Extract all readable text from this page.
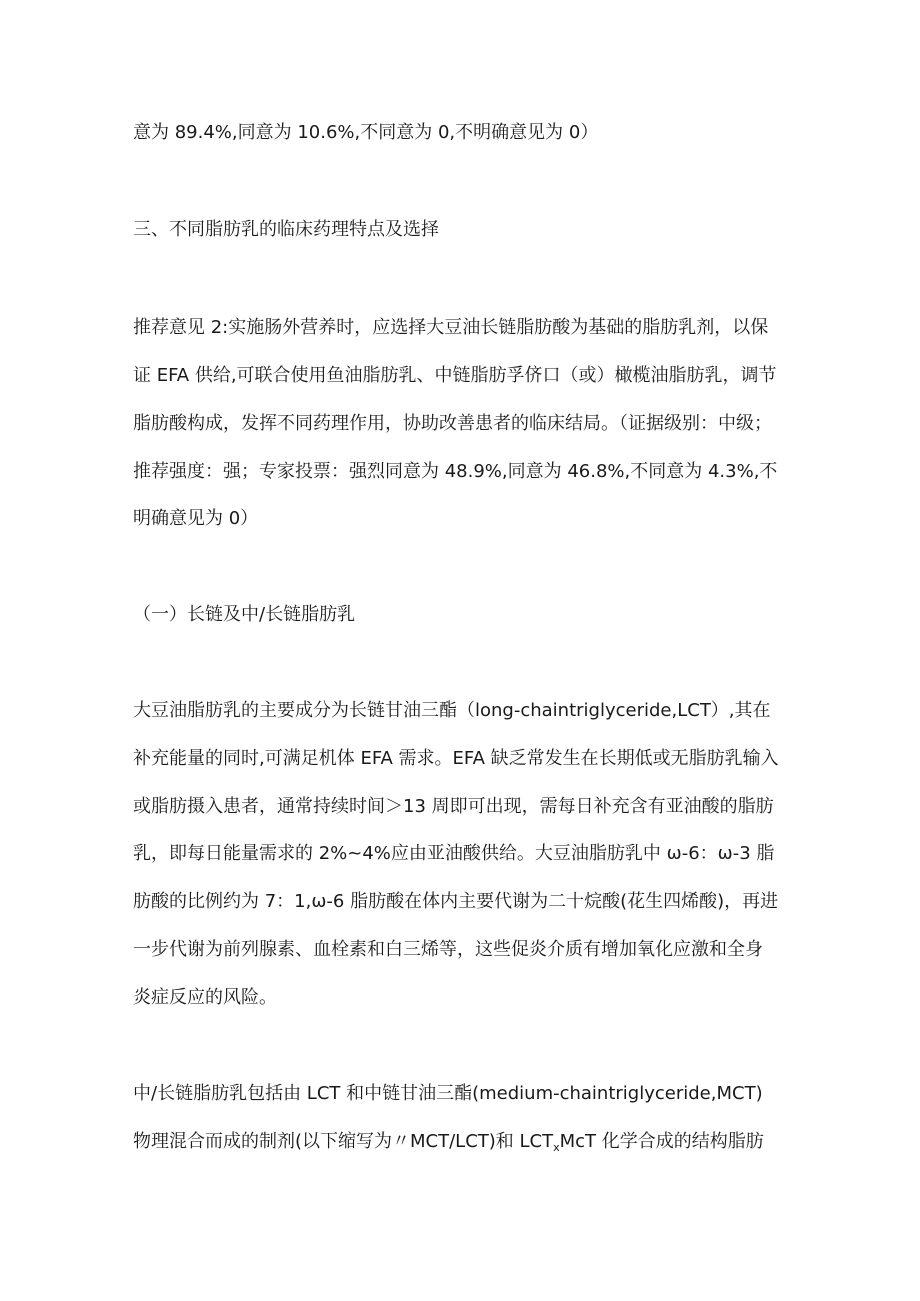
意为 89.4%,同意为 10.6%,不同意为 0,不明确意见为 0）
三、不同脂肪乳的临床药理特点及选择
推荐意见 2:实施肠外营养时，应选择大豆油长链脂肪酸为基础的脂肪乳剂，以保
证 EFA 供给,可联合使用鱼油脂肪乳、中链脂肪孚侪口（或）橄榄油脂肪乳，调节
脂肪酸构成，发挥不同药理作用，协助改善患者的临床结局。（证据级别：中级；
推荐强度：强；专家投票：强烈同意为 48.9%,同意为 46.8%,不同意为 4.3%,不
明确意见为 0）
（一）长链及中/长链脂肪乳
大豆油脂肪乳的主要成分为长链甘油三酯（long-chaintriglyceride,LCT）,其在
补充能量的同时,可满足机体 EFA 需求。EFA 缺乏常发生在长期低或无脂肪乳输入
或脂肪摄入患者，通常持续时间＞13 周即可出现，需每日补充含有亚油酸的脂肪
乳，即每日能量需求的 2%~4%应由亚油酸供给。大豆油脂肪乳中 ω-6：ω-3 脂
肪酸的比例约为 7：1,ω-6 脂肪酸在体内主要代谢为二十烷酸(花生四烯酸)，再进
一步代谢为前列腺素、血栓素和白三烯等，这些促炎介质有增加氧化应激和全身
炎症反应的风险。
中/长链脂肪乳包括由 LCT 和中链甘油三酯(medium-chaintriglyceride,MCT)
物理混合而成的制剂(以下缩写为〃MCT/LCT)和 $LCT_xMcT$ 化学合成的结构脂肪
